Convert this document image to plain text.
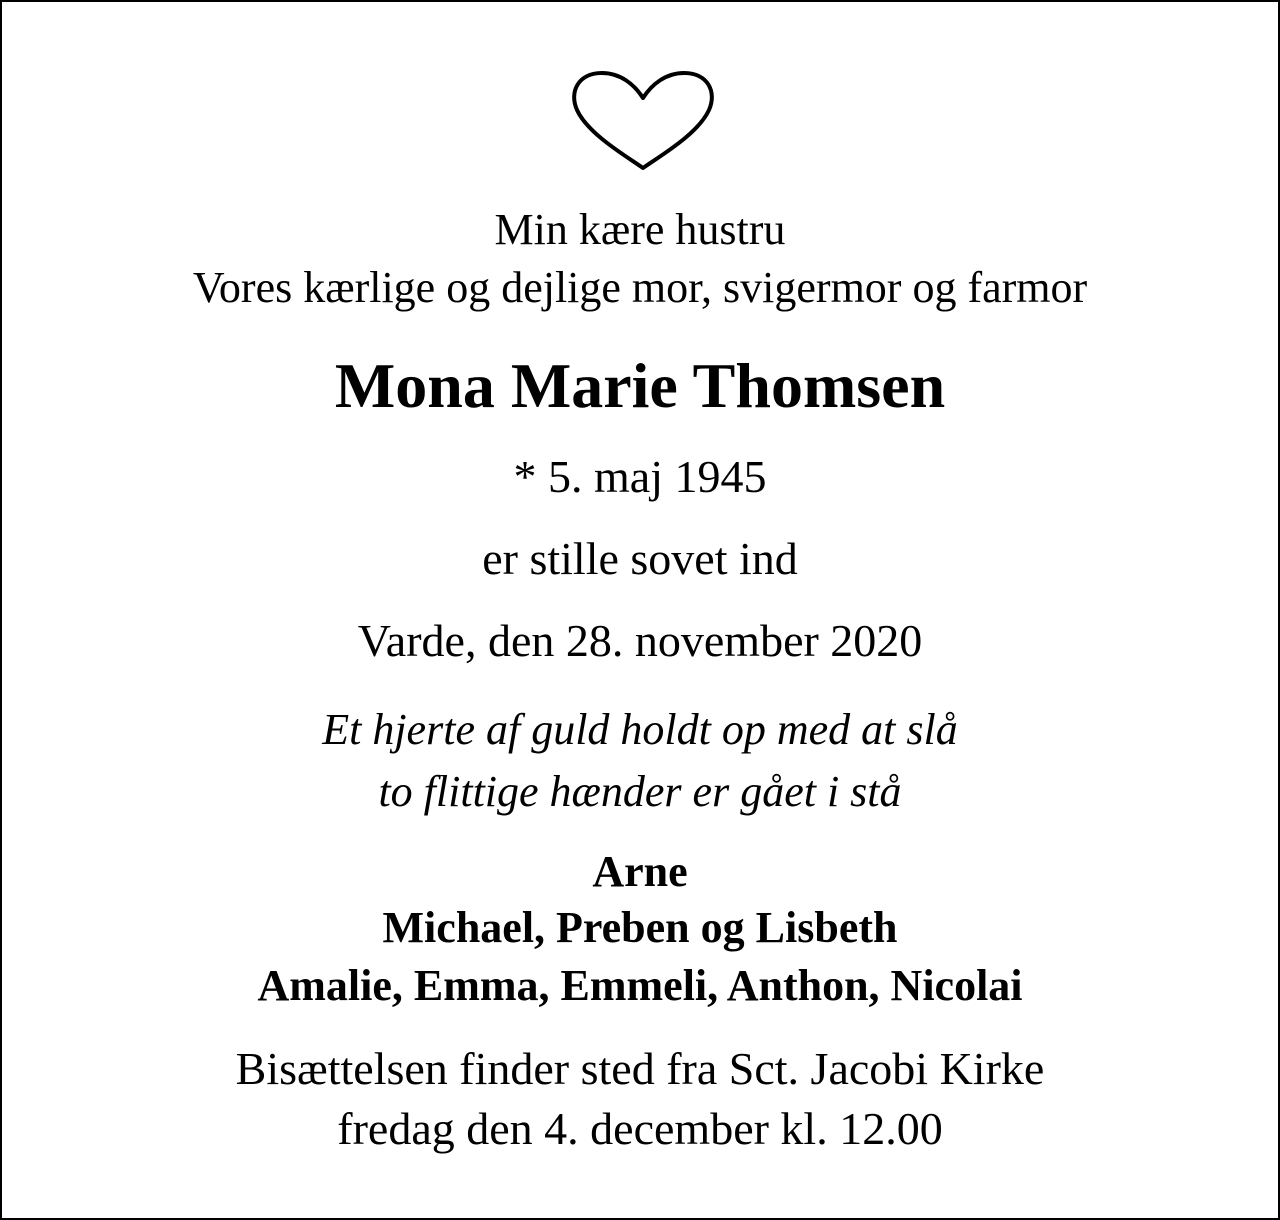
Min kære hustru
Vores kærlige og dejlige mor, svigermor og farmor
Mona Marie Thomsen
* 5. maj 1945
er stille sovet ind
Varde, den 28. november 2020
Et hjerte af guld holdt op med at slå
to flittige hænder er gået i stå
Arne
Michael, Preben og Lisbeth
Amalie, Emma, Emmeli, Anthon, Nicolai
Bisættelsen finder sted fra Sct. Jacobi Kirke
fredag den 4. december kl. 12.00
